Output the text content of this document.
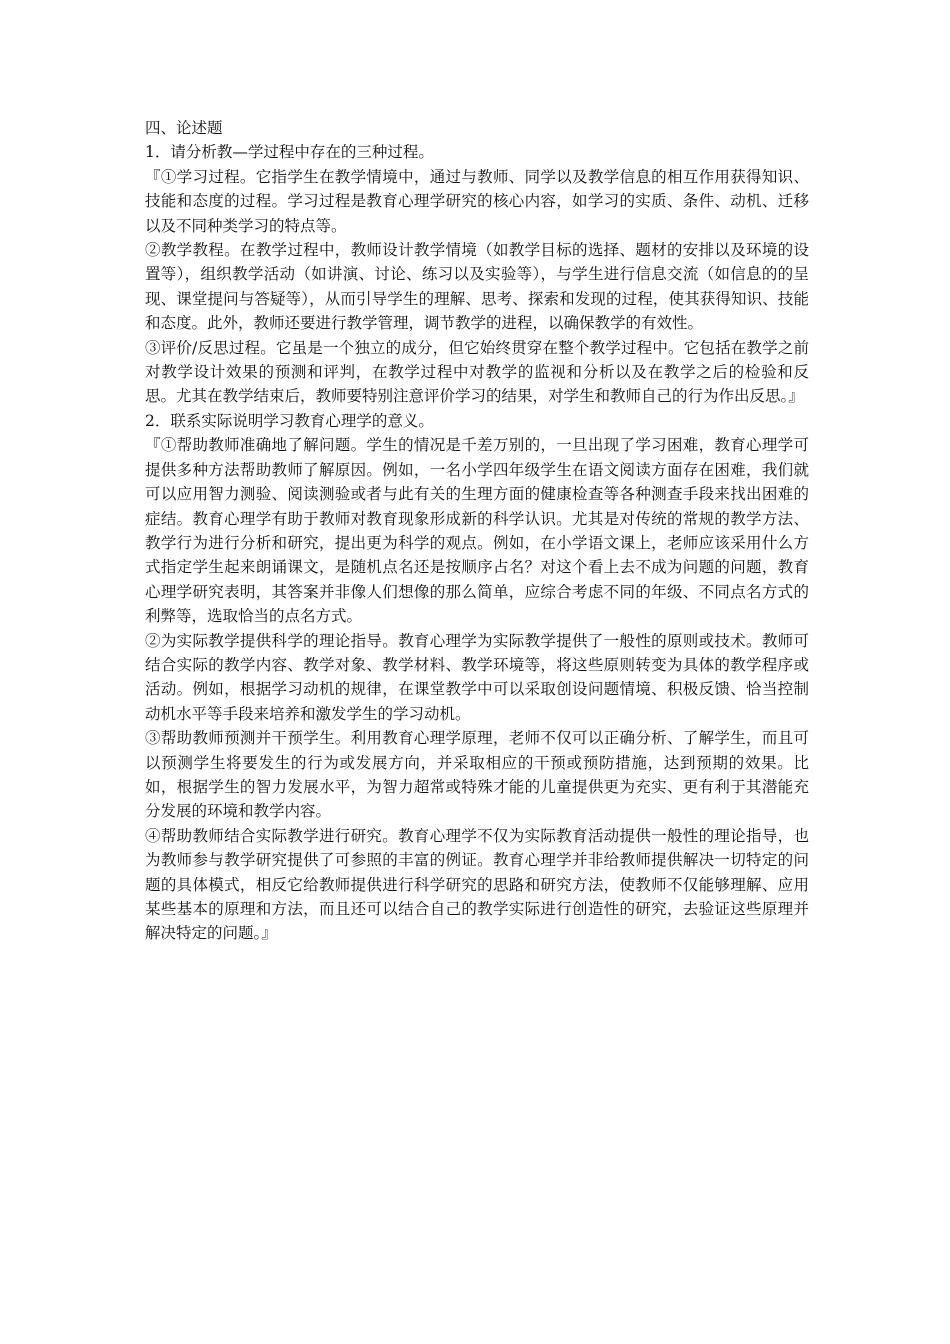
四、论述题

1．请分析教—学过程中存在的三种过程。

『①学习过程。它指学生在教学情境中，通过与教师、同学以及教学信息的相互作用获得知识、技能和态度的过程。学习过程是教育心理学研究的核心内容，如学习的实质、条件、动机、迁移以及不同种类学习的特点等。

②教学教程。在教学过程中，教师设计教学情境（如教学目标的选择、题材的安排以及环境的设置等），组织教学活动（如讲演、讨论、练习以及实验等），与学生进行信息交流（如信息的的呈现、课堂提问与答疑等），从而引导学生的理解、思考、探索和发现的过程，使其获得知识、技能和态度。此外，教师还要进行教学管理，调节教学的进程，以确保教学的有效性。

③评价/反思过程。它虽是一个独立的成分，但它始终贯穿在整个教学过程中。它包括在教学之前对教学设计效果的预测和评判，在教学过程中对教学的监视和分析以及在教学之后的检验和反思。尤其在教学结束后，教师要特别注意评价学习的结果，对学生和教师自己的行为作出反思。』

2．联系实际说明学习教育心理学的意义。

『①帮助教师准确地了解问题。学生的情况是千差万别的，一旦出现了学习困难，教育心理学可提供多种方法帮助教师了解原因。例如，一名小学四年级学生在语文阅读方面存在困难，我们就可以应用智力测验、阅读测验或者与此有关的生理方面的健康检查等各种测查手段来找出困难的症结。教育心理学有助于教师对教育现象形成新的科学认识。尤其是对传统的常规的教学方法、教学行为进行分析和研究，提出更为科学的观点。例如，在小学语文课上，老师应该采用什么方式指定学生起来朗诵课文，是随机点名还是按顺序占名？对这个看上去不成为问题的问题，教育心理学研究表明，其答案并非像人们想像的那么简单，应综合考虑不同的年级、不同点名方式的利弊等，选取恰当的点名方式。

②为实际教学提供科学的理论指导。教育心理学为实际教学提供了一般性的原则或技术。教师可结合实际的教学内容、教学对象、教学材料、教学环境等，将这些原则转变为具体的教学程序或活动。例如，根据学习动机的规律，在课堂教学中可以采取创设问题情境、积极反馈、恰当控制动机水平等手段来培养和激发学生的学习动机。

③帮助教师预测并干预学生。利用教育心理学原理，老师不仅可以正确分析、了解学生，而且可以预测学生将要发生的行为或发展方向，并采取相应的干预或预防措施，达到预期的效果。比如，根据学生的智力发展水平，为智力超常或特殊才能的儿童提供更为充实、更有利于其潜能充分发展的环境和教学内容。

④帮助教师结合实际教学进行研究。教育心理学不仅为实际教育活动提供一般性的理论指导，也为教师参与教学研究提供了可参照的丰富的例证。教育心理学并非给教师提供解决一切特定的问题的具体模式，相反它给教师提供进行科学研究的思路和研究方法，使教师不仅能够理解、应用某些基本的原理和方法，而且还可以结合自己的教学实际进行创造性的研究，去验证这些原理并解决特定的问题。』
